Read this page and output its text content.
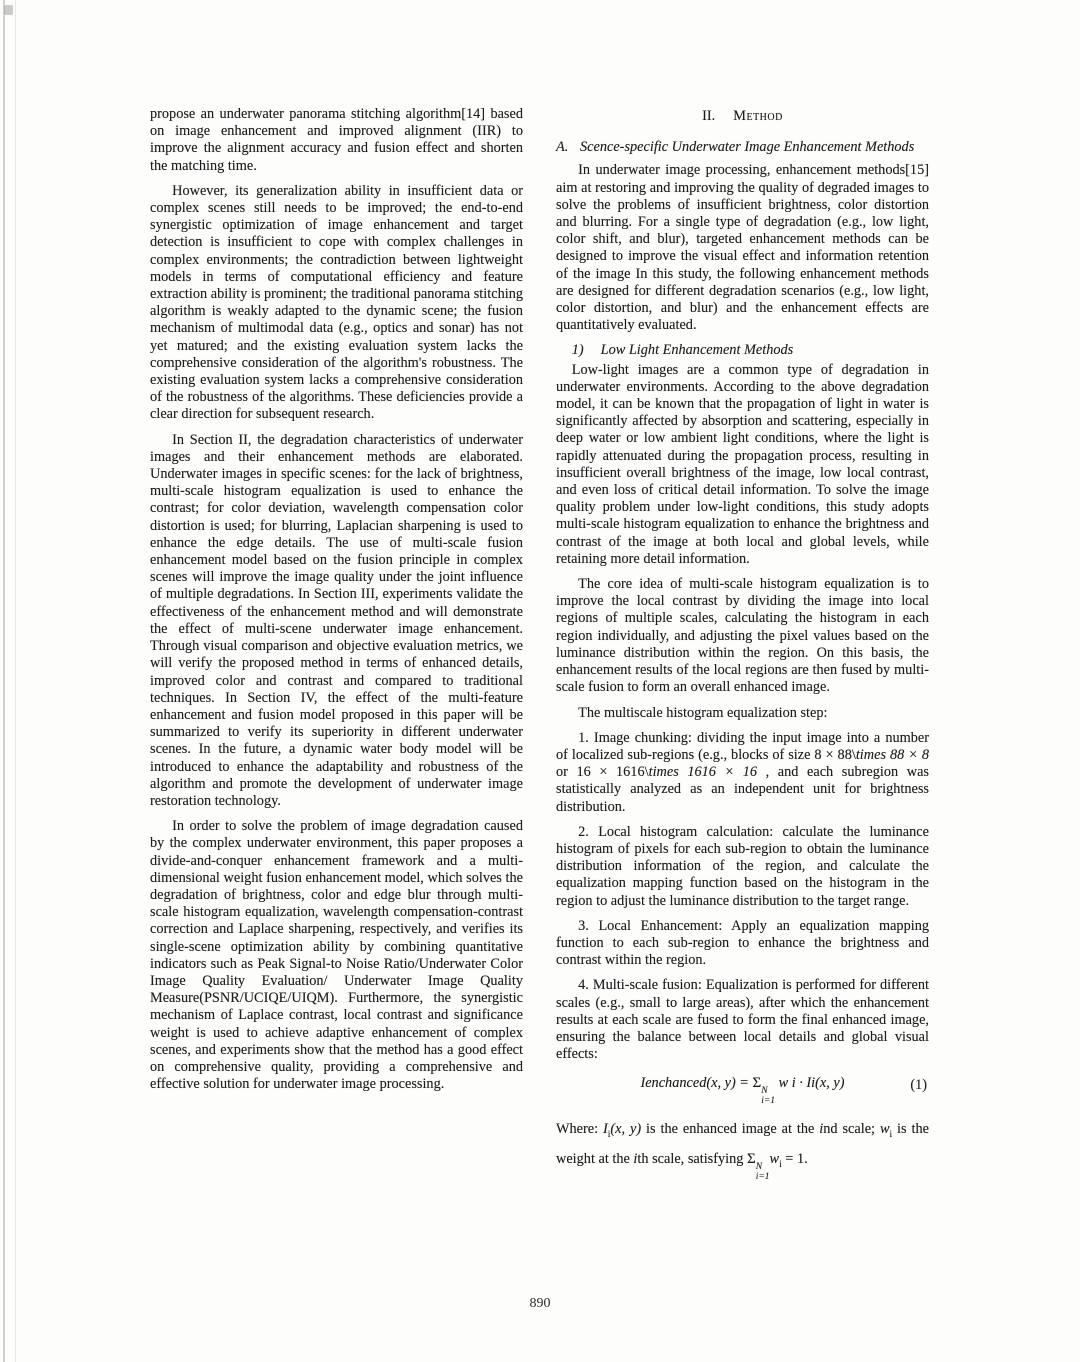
propose an underwater panorama stitching algorithm[14] based on image enhancement and improved alignment (IIR) to improve the alignment accuracy and fusion effect and shorten the matching time.

However, its generalization ability in insufficient data or complex scenes still needs to be improved; the end-to-end synergistic optimization of image enhancement and target detection is insufficient to cope with complex challenges in complex environments; the contradiction between lightweight models in terms of computational efficiency and feature extraction ability is prominent; the traditional panorama stitching algorithm is weakly adapted to the dynamic scene; the fusion mechanism of multimodal data (e.g., optics and sonar) has not yet matured; and the existing evaluation system lacks the comprehensive consideration of the algorithm's robustness. The existing evaluation system lacks a comprehensive consideration of the robustness of the algorithms. These deficiencies provide a clear direction for subsequent research.

In Section II, the degradation characteristics of underwater images and their enhancement methods are elaborated. Underwater images in specific scenes: for the lack of brightness, multi-scale histogram equalization is used to enhance the contrast; for color deviation, wavelength compensation color distortion is used; for blurring, Laplacian sharpening is used to enhance the edge details. The use of multi-scale fusion enhancement model based on the fusion principle in complex scenes will improve the image quality under the joint influence of multiple degradations. In Section III, experiments validate the effectiveness of the enhancement method and will demonstrate the effect of multi-scene underwater image enhancement. Through visual comparison and objective evaluation metrics, we will verify the proposed method in terms of enhanced details, improved color and contrast and compared to traditional techniques. In Section IV, the effect of the multi-feature enhancement and fusion model proposed in this paper will be summarized to verify its superiority in different underwater scenes. In the future, a dynamic water body model will be introduced to enhance the adaptability and robustness of the algorithm and promote the development of underwater image restoration technology.

In order to solve the problem of image degradation caused by the complex underwater environment, this paper proposes a divide-and-conquer enhancement framework and a multi-dimensional weight fusion enhancement model, which solves the degradation of brightness, color and edge blur through multi-scale histogram equalization, wavelength compensation-contrast correction and Laplace sharpening, respectively, and verifies its single-scene optimization ability by combining quantitative indicators such as Peak Signal-to Noise Ratio/Underwater Color Image Quality Evaluation/ Underwater Image Quality Measure(PSNR/UCIQE/UIQM). Furthermore, the synergistic mechanism of Laplace contrast, local contrast and significance weight is used to achieve adaptive enhancement of complex scenes, and experiments show that the method has a good effect on comprehensive quality, providing a comprehensive and effective solution for underwater image processing.

II. Method

A. Scence-specific Underwater Image Enhancement Methods

In underwater image processing, enhancement methods[15] aim at restoring and improving the quality of degraded images to solve the problems of insufficient brightness, color distortion and blurring. For a single type of degradation (e.g., low light, color shift, and blur), targeted enhancement methods can be designed to improve the visual effect and information retention of the image In this study, the following enhancement methods are designed for different degradation scenarios (e.g., low light, color distortion, and blur) and the enhancement effects are quantitatively evaluated.

1) Low Light Enhancement Methods

Low-light images are a common type of degradation in underwater environments. According to the above degradation model, it can be known that the propagation of light in water is significantly affected by absorption and scattering, especially in deep water or low ambient light conditions, where the light is rapidly attenuated during the propagation process, resulting in insufficient overall brightness of the image, low local contrast, and even loss of critical detail information. To solve the image quality problem under low-light conditions, this study adopts multi-scale histogram equalization to enhance the brightness and contrast of the image at both local and global levels, while retaining more detail information.

The core idea of multi-scale histogram equalization is to improve the local contrast by dividing the image into local regions of multiple scales, calculating the histogram in each region individually, and adjusting the pixel values based on the luminance distribution within the region. On this basis, the enhancement results of the local regions are then fused by multi-scale fusion to form an overall enhanced image.

The multiscale histogram equalization step:

1. Image chunking: dividing the input image into a number of localized sub-regions (e.g., blocks of size 8 × 88\times 88 × 8 or 16 × 1616\times 1616 × 16 , and each subregion was statistically analyzed as an independent unit for brightness distribution.

2. Local histogram calculation: calculate the luminance histogram of pixels for each sub-region to obtain the luminance distribution information of the region, and calculate the equalization mapping function based on the histogram in the region to adjust the luminance distribution to the target range.

3. Local Enhancement: Apply an equalization mapping function to each sub-region to enhance the brightness and contrast within the region.

4. Multi-scale fusion: Equalization is performed for different scales (e.g., small to large areas), after which the enhancement results at each scale are fused to form the final enhanced image, ensuring the balance between local details and global visual effects:

Ienchanced(x, y) = Σ N
i=1
w i · Ii(x, y)	(1)

Where: $I_i(x$, y) is the enhanced image at the ind scale; $w_i$ is the weight at the ith scale, satisfying Σ N
i=1
$w_i = 1$.

890
